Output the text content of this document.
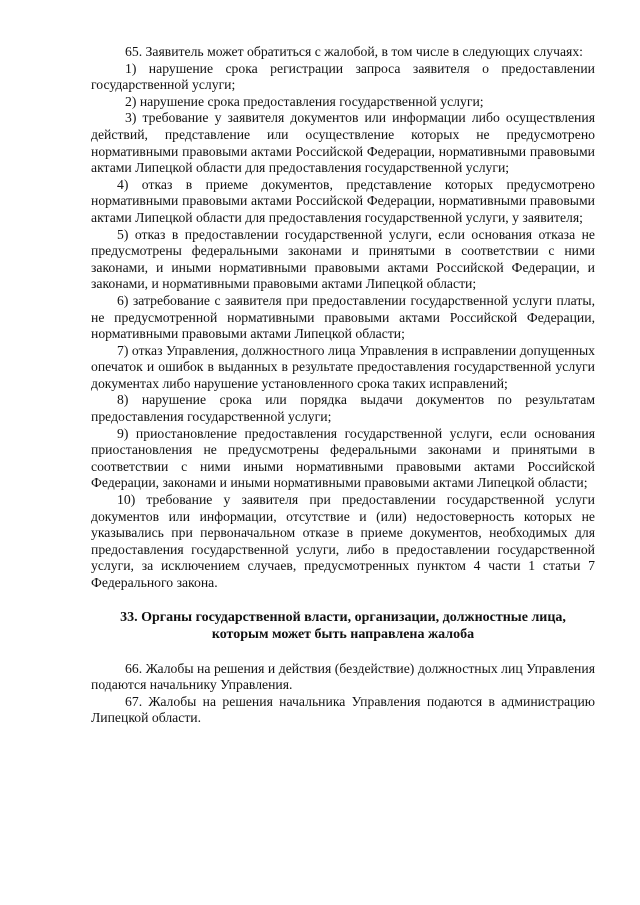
65. Заявитель может обратиться с жалобой, в том числе в следующих случаях:

1) нарушение срока регистрации запроса заявителя о предоставлении государственной услуги;

2) нарушение срока предоставления государственной услуги;

3) требование у заявителя документов или информации либо осуществления действий, представление или осуществление которых не предусмотрено нормативными правовыми актами Российской Федерации, нормативными правовыми актами Липецкой области для предоставления государственной услуги;

4) отказ в приеме документов, представление которых предусмотрено нормативными правовыми актами Российской Федерации, нормативными правовыми актами Липецкой области для предоставления государственной услуги, у заявителя;

5) отказ в предоставлении государственной услуги, если основания отказа не предусмотрены федеральными законами и принятыми в соответствии с ними законами, и иными нормативными правовыми актами Российской Федерации, и законами, и нормативными правовыми актами Липецкой области;

6) затребование с заявителя при предоставлении государственной услуги платы, не предусмотренной нормативными правовыми актами Российской Федерации, нормативными правовыми актами Липецкой области;

7) отказ Управления, должностного лица Управления в исправлении допущенных опечаток и ошибок в выданных в результате предоставления государственной услуги документах либо нарушение установленного срока таких исправлений;

8) нарушение срока или порядка выдачи документов по результатам предоставления государственной услуги;

9) приостановление предоставления государственной услуги, если основания приостановления не предусмотрены федеральными законами и принятыми в соответствии с ними иными нормативными правовыми актами Российской Федерации, законами и иными нормативными правовыми актами Липецкой области;

10) требование у заявителя при предоставлении государственной услуги документов или информации, отсутствие и (или) недостоверность которых не указывались при первоначальном отказе в приеме документов, необходимых для предоставления государственной услуги, либо в предоставлении государственной услуги, за исключением случаев, предусмотренных пунктом 4 части 1 статьи 7 Федерального закона.

33. Органы государственной власти, организации, должностные лица, которым может быть направлена жалоба

66. Жалобы на решения и действия (бездействие) должностных лиц Управления подаются начальнику Управления.

67. Жалобы на решения начальника Управления подаются в администрацию Липецкой области.
